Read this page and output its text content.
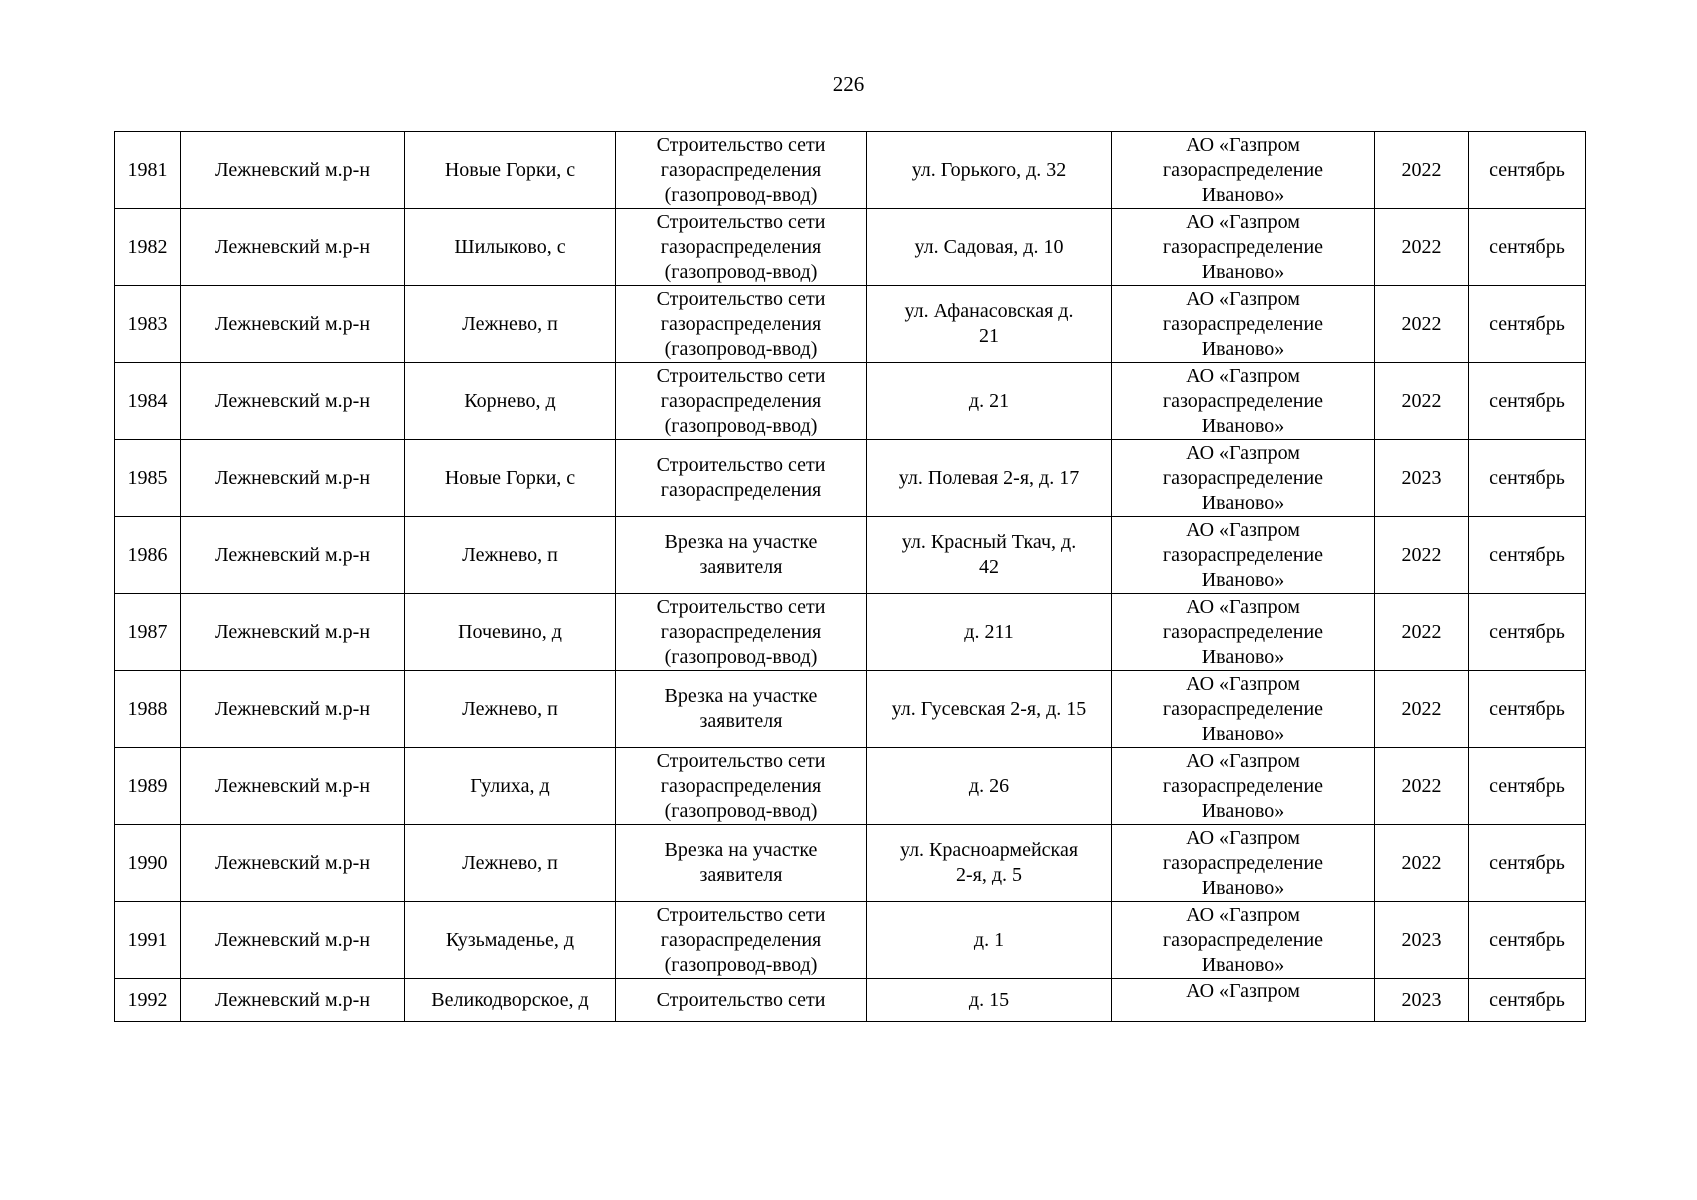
226
1981	Лежневский м.р-н	Новые Горки, с	Строительство сети
газораспределения
(газопровод-ввод)	ул. Горького, д. 32	АО «Газпром
газораспределение
Иваново»	2022	сентябрь
1982	Лежневский м.р-н	Шилыково, с	Строительство сети
газораспределения
(газопровод-ввод)	ул. Садовая, д. 10	АО «Газпром
газораспределение
Иваново»	2022	сентябрь
1983	Лежневский м.р-н	Лежнево, п	Строительство сети
газораспределения
(газопровод-ввод)	ул. Афанасовская д.
21	АО «Газпром
газораспределение
Иваново»	2022	сентябрь
1984	Лежневский м.р-н	Корнево, д	Строительство сети
газораспределения
(газопровод-ввод)	д. 21	АО «Газпром
газораспределение
Иваново»	2022	сентябрь
1985	Лежневский м.р-н	Новые Горки, с	Строительство сети
газораспределения	ул. Полевая 2-я, д. 17	АО «Газпром
газораспределение
Иваново»	2023	сентябрь
1986	Лежневский м.р-н	Лежнево, п	Врезка на участке
заявителя	ул. Красный Ткач, д.
42	АО «Газпром
газораспределение
Иваново»	2022	сентябрь
1987	Лежневский м.р-н	Почевино, д	Строительство сети
газораспределения
(газопровод-ввод)	д. 211	АО «Газпром
газораспределение
Иваново»	2022	сентябрь
1988	Лежневский м.р-н	Лежнево, п	Врезка на участке
заявителя	ул. Гусевская 2-я, д. 15	АО «Газпром
газораспределение
Иваново»	2022	сентябрь
1989	Лежневский м.р-н	Гулиха, д	Строительство сети
газораспределения
(газопровод-ввод)	д. 26	АО «Газпром
газораспределение
Иваново»	2022	сентябрь
1990	Лежневский м.р-н	Лежнево, п	Врезка на участке
заявителя	ул. Красноармейская
2-я, д. 5	АО «Газпром
газораспределение
Иваново»	2022	сентябрь
1991	Лежневский м.р-н	Кузьмаденье, д	Строительство сети
газораспределения
(газопровод-ввод)	д. 1	АО «Газпром
газораспределение
Иваново»	2023	сентябрь
1992	Лежневский м.р-н	Великодворское, д	Строительство сети	д. 15	АО «Газпром	2023	сентябрь
